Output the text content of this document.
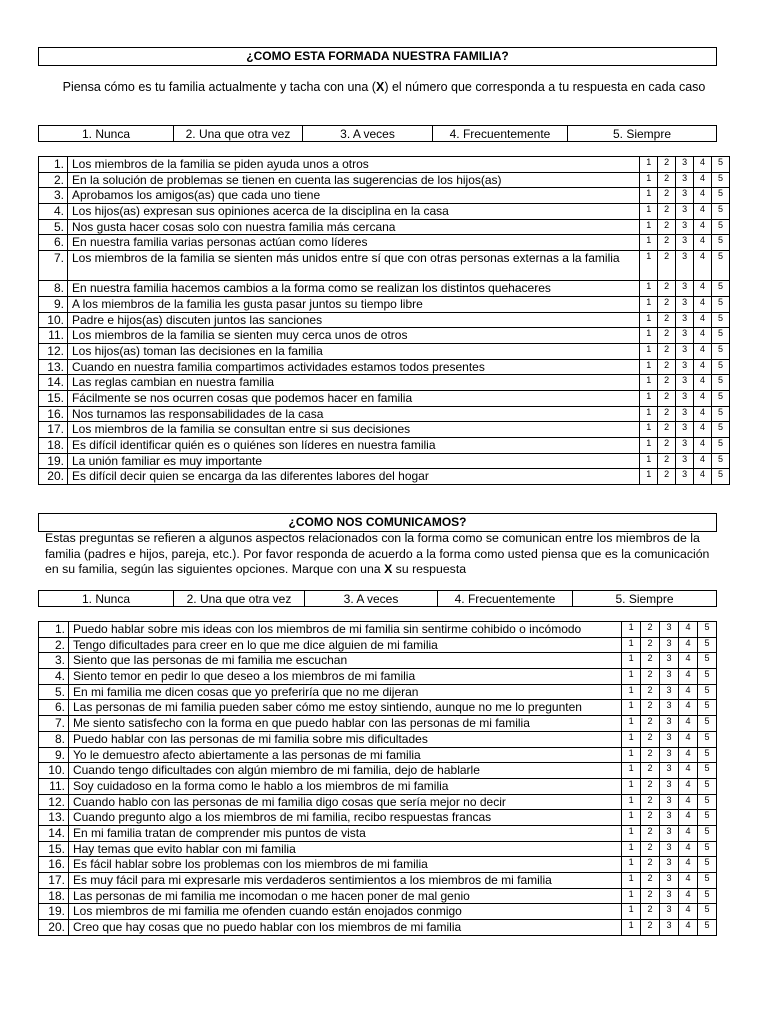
¿COMO ESTA FORMADA NUESTRA FAMILIA?
Piensa cómo es tu familia actualmente y tacha con una (X) el número que corresponda a tu respuesta en cada caso
1. Nunca	2. Una que otra vez	3. A veces	4. Frecuentemente	5. Siempre
1.	Los miembros de la familia se piden ayuda unos a otros	1	2	3	4	5
2.	En la solución de problemas se tienen en cuenta las sugerencias de los hijos(as)	1	2	3	4	5
3.	Aprobamos los amigos(as) que cada uno tiene	1	2	3	4	5
4.	Los hijos(as) expresan sus opiniones acerca de la disciplina en la casa	1	2	3	4	5
5.	Nos gusta hacer cosas solo con nuestra familia más cercana	1	2	3	4	5
6.	En nuestra familia varias personas actúan como líderes	1	2	3	4	5
7.	Los miembros de la familia se sienten más unidos entre sí que con otras personas externas a la familia	1	2	3	4	5
8.	En nuestra familia hacemos cambios a la forma como se realizan los distintos quehaceres	1	2	3	4	5
9.	A los miembros de la familia les gusta pasar juntos su tiempo libre	1	2	3	4	5
10.	Padre e hijos(as) discuten juntos las sanciones	1	2	3	4	5
11.	Los miembros de la familia se sienten muy cerca unos de otros	1	2	3	4	5
12.	Los hijos(as) toman las decisiones en la familia	1	2	3	4	5
13.	Cuando en nuestra familia compartimos actividades estamos todos presentes	1	2	3	4	5
14.	Las reglas cambian en nuestra familia	1	2	3	4	5
15.	Fácilmente se nos ocurren cosas que podemos hacer en familia	1	2	3	4	5
16.	Nos turnamos las responsabilidades de la casa	1	2	3	4	5
17.	Los miembros de la familia se consultan entre si sus decisiones	1	2	3	4	5
18.	Es difícil identificar quién es o quiénes son líderes en nuestra familia	1	2	3	4	5
19.	La unión familiar es muy importante	1	2	3	4	5
20.	Es difícil decir quien se encarga da las diferentes labores del hogar	1	2	3	4	5
¿COMO NOS COMUNICAMOS?
Estas preguntas se refieren a algunos aspectos relacionados con la forma como se comunican entre los miembros de la familia (padres e hijos, pareja, etc.). Por favor responda de acuerdo a la forma como usted piensa que es la comunicación en su familia, según las siguientes opciones. Marque con una X su respuesta
1. Nunca	2. Una que otra vez	3. A veces	4. Frecuentemente	5. Siempre
1.	Puedo hablar sobre mis ideas con los miembros de mi familia sin sentirme cohibido o incómodo	1	2	3	4	5
2.	Tengo dificultades para creer en lo que me dice alguien de mi familia	1	2	3	4	5
3.	Siento que las personas de mi familia me escuchan	1	2	3	4	5
4.	Siento temor en pedir lo que deseo a los miembros de mi familia	1	2	3	4	5
5.	En mi familia me dicen cosas que yo preferiría que no me dijeran	1	2	3	4	5
6.	Las personas de mi familia pueden saber cómo me estoy sintiendo, aunque no me lo pregunten	1	2	3	4	5
7.	Me siento satisfecho con la forma en que puedo hablar con las personas de mi familia	1	2	3	4	5
8.	Puedo hablar con las personas de mi familia sobre mis dificultades	1	2	3	4	5
9.	Yo le demuestro afecto abiertamente a las personas de mi familia	1	2	3	4	5
10.	Cuando tengo dificultades con algún miembro de mi familia, dejo de hablarle	1	2	3	4	5
11.	Soy cuidadoso en la forma como le hablo a los miembros de mi familia	1	2	3	4	5
12.	Cuando hablo con las personas de mi familia digo cosas que sería mejor no decir	1	2	3	4	5
13.	Cuando pregunto algo a los miembros de mi familia, recibo respuestas francas	1	2	3	4	5
14.	En mi familia tratan de comprender mis puntos de vista	1	2	3	4	5
15.	Hay temas que evito hablar con mi familia	1	2	3	4	5
16.	Es fácil hablar sobre los problemas con los miembros de mi familia	1	2	3	4	5
17.	Es muy fácil para mi expresarle mis verdaderos sentimientos a los miembros de mi familia	1	2	3	4	5
18.	Las personas de mi familia me incomodan o me hacen poner de mal genio	1	2	3	4	5
19.	Los miembros de mi familia me ofenden cuando están enojados conmigo	1	2	3	4	5
20.	Creo que hay cosas que no puedo hablar con los miembros de mi familia	1	2	3	4	5
